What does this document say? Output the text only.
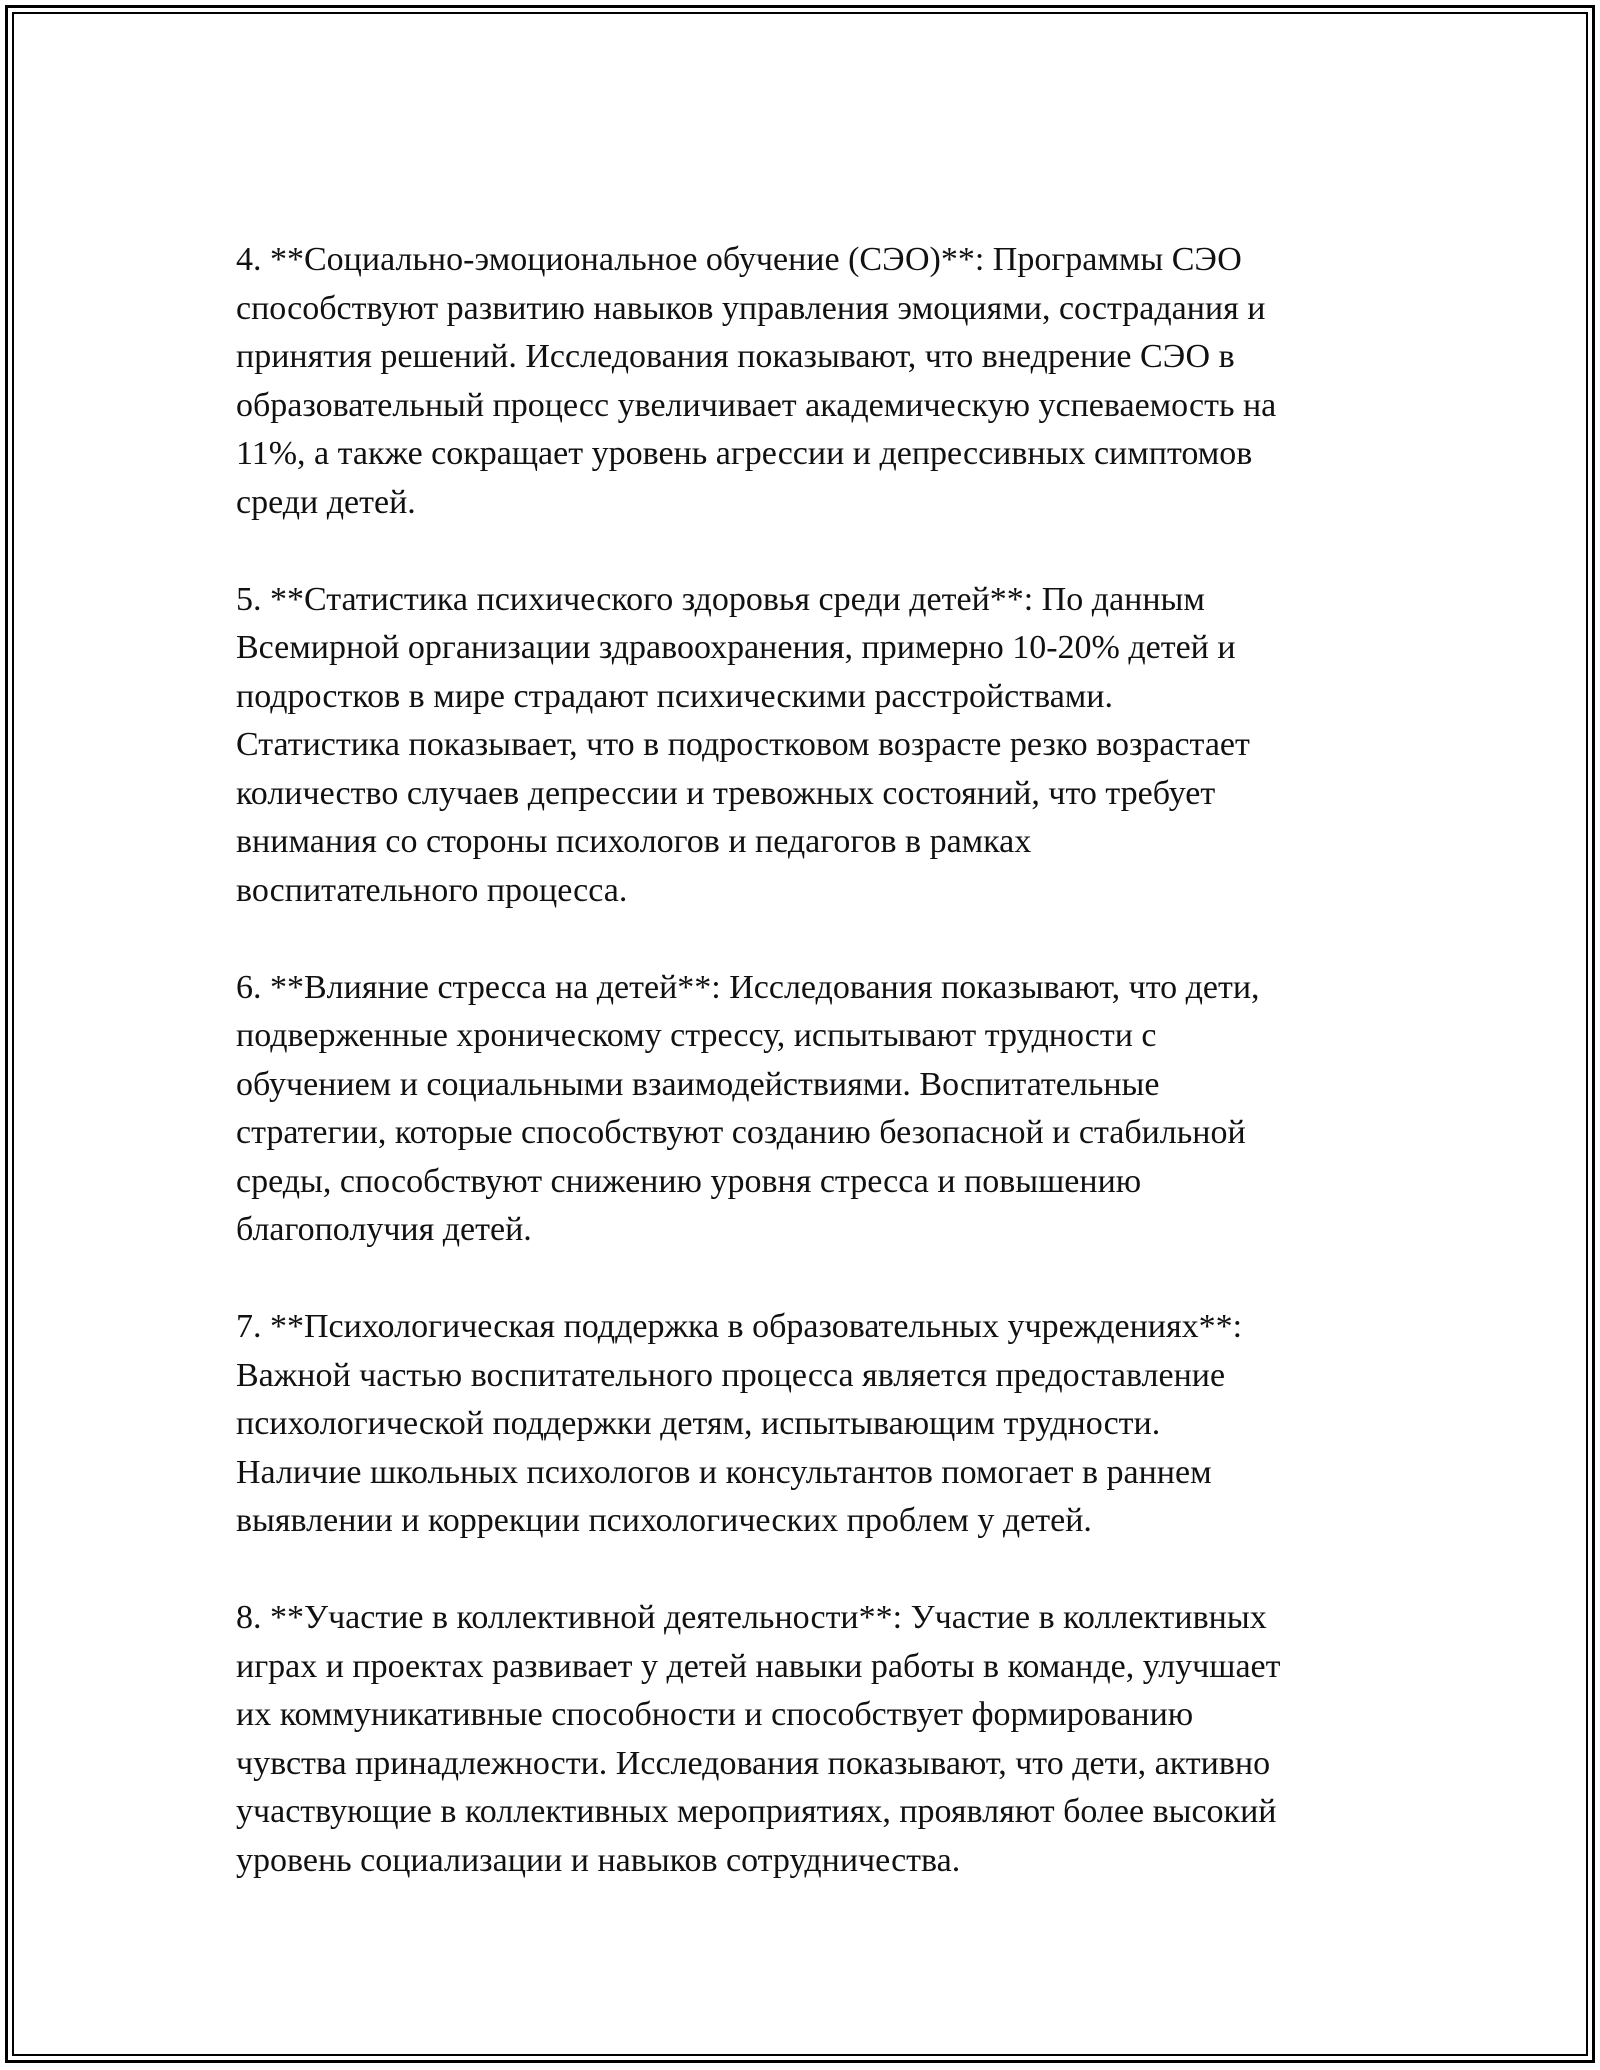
4. **Социально-эмоциональное обучение (СЭО)**: Программы СЭО
способствуют развитию навыков управления эмоциями, сострадания и
принятия решений. Исследования показывают, что внедрение СЭО в
образовательный процесс увеличивает академическую успеваемость на
11%, а также сокращает уровень агрессии и депрессивных симптомов
среди детей.

5. **Статистика психического здоровья среди детей**: По данным
Всемирной организации здравоохранения, примерно 10-20% детей и
подростков в мире страдают психическими расстройствами.
Статистика показывает, что в подростковом возрасте резко возрастает
количество случаев депрессии и тревожных состояний, что требует
внимания со стороны психологов и педагогов в рамках
воспитательного процесса.

6. **Влияние стресса на детей**: Исследования показывают, что дети,
подверженные хроническому стрессу, испытывают трудности с
обучением и социальными взаимодействиями. Воспитательные
стратегии, которые способствуют созданию безопасной и стабильной
среды, способствуют снижению уровня стресса и повышению
благополучия детей.

7. **Психологическая поддержка в образовательных учреждениях**:
Важной частью воспитательного процесса является предоставление
психологической поддержки детям, испытывающим трудности.
Наличие школьных психологов и консультантов помогает в раннем
выявлении и коррекции психологических проблем у детей.

8. **Участие в коллективной деятельности**: Участие в коллективных
играх и проектах развивает у детей навыки работы в команде, улучшает
их коммуникативные способности и способствует формированию
чувства принадлежности. Исследования показывают, что дети, активно
участвующие в коллективных мероприятиях, проявляют более высокий
уровень социализации и навыков сотрудничества.
